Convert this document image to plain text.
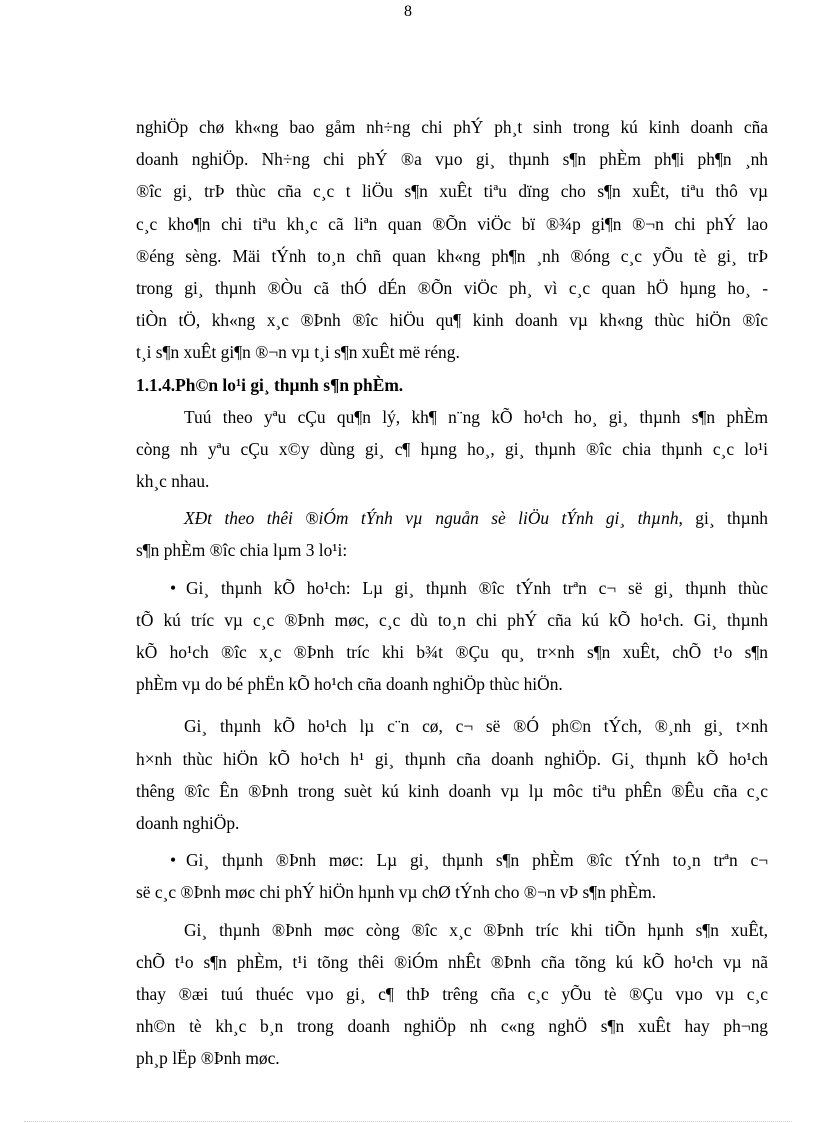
8
nghiÖp chø kh«ng bao gåm nh÷ng chi phÝ ph¸t sinh trong kú kinh doanh cña
doanh nghiÖp. Nh÷ng chi phÝ ®a vµo gi¸ thµnh s¶n phÈm ph¶i ph¶n ¸nh
®îc gi¸ trÞ thùc cña c¸c t liÖu s¶n xuÊt tiªu dïng cho s¶n xuÊt, tiªu thô vµ
c¸c kho¶n chi tiªu kh¸c cã liªn quan ®Õn viÖc bï ®¾p gi¶n ®¬n chi phÝ lao
®éng sèng. Mäi tÝnh to¸n chñ quan kh«ng ph¶n ¸nh ®óng c¸c yÕu tè gi¸ trÞ
trong gi¸ thµnh ®Òu cã thÓ dÉn ®Õn viÖc ph¸ vì c¸c quan hÖ hµng ho¸ -
tiÒn tÖ, kh«ng x¸c ®Þnh ®îc hiÖu qu¶ kinh doanh vµ kh«ng thùc hiÖn ®îc
t¸i s¶n xuÊt gi¶n ®¬n vµ t¸i s¶n xuÊt më réng.
1.1.4.Ph©n lo¹i gi¸ thµnh s¶n phÈm.
Tuú theo yªu cÇu qu¶n lý, kh¶ n¨ng kÕ ho¹ch ho¸ gi¸ thµnh s¶n phÈm
còng nh yªu cÇu x©y dùng gi¸ c¶ hµng ho¸, gi¸ thµnh ®îc chia thµnh c¸c lo¹i
kh¸c nhau.
XÐt theo thêi ®iÓm tÝnh vµ nguån sè liÖu tÝnh gi¸ thµnh, gi¸ thµnh
s¶n phÈm ®îc chia lµm 3 lo¹i:
• Gi¸ thµnh kÕ ho¹ch: Lµ gi¸ thµnh ®îc tÝnh trªn c¬ së gi¸ thµnh thùc
tÕ kú tríc vµ c¸c ®Þnh møc, c¸c dù to¸n chi phÝ cña kú kÕ ho¹ch. Gi¸ thµnh
kÕ ho¹ch ®îc x¸c ®Þnh tríc khi b¾t ®Çu qu¸ tr×nh s¶n xuÊt, chÕ t¹o s¶n
phÈm vµ do bé phËn kÕ ho¹ch cña doanh nghiÖp thùc hiÖn.
Gi¸ thµnh kÕ ho¹ch lµ c¨n cø, c¬ së ®Ó ph©n tÝch, ®¸nh gi¸ t×nh
h×nh thùc hiÖn kÕ ho¹ch h¹ gi¸ thµnh cña doanh nghiÖp. Gi¸ thµnh kÕ ho¹ch
thêng ®îc Ên ®Þnh trong suèt kú kinh doanh vµ lµ môc tiªu phÊn ®Êu cña c¸c
doanh nghiÖp.
• Gi¸ thµnh ®Þnh møc: Lµ gi¸ thµnh s¶n phÈm ®îc tÝnh to¸n trªn c¬
së c¸c ®Þnh møc chi phÝ hiÖn hµnh vµ chØ tÝnh cho ®¬n vÞ s¶n phÈm.
Gi¸ thµnh ®Þnh møc còng ®îc x¸c ®Þnh tríc khi tiÕn hµnh s¶n xuÊt,
chÕ t¹o s¶n phÈm, t¹i tõng thêi ®iÓm nhÊt ®Þnh cña tõng kú kÕ ho¹ch vµ nã
thay ®æi tuú thuéc vµo gi¸ c¶ thÞ trêng cña c¸c yÕu tè ®Çu vµo vµ c¸c
nh©n tè kh¸c b¸n trong doanh nghiÖp nh c«ng nghÖ s¶n xuÊt hay ph¬ng
ph¸p lËp ®Þnh møc.
